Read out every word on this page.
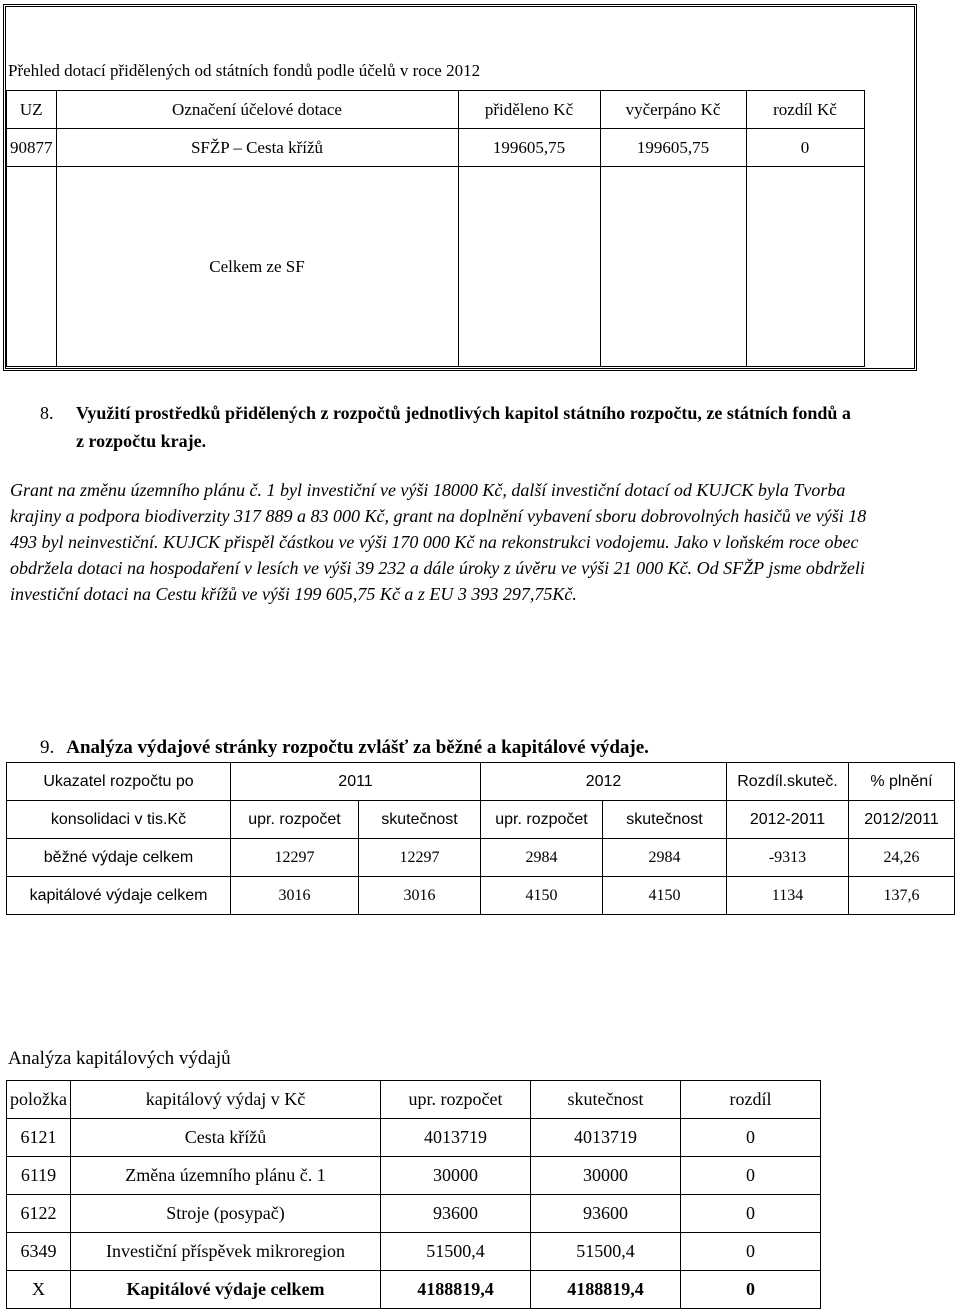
Přehled dotací přidělených od státních fondů podle účelů v roce 2012
UZ	Označení účelové dotace	přiděleno Kč	vyčerpáno Kč	rozdíl Kč
90877	SFŽP – Cesta křížů	199605,75	199605,75	0
	Celkem ze SF			
8. Využití prostředků přidělených z rozpočtů jednotlivých kapitol státního rozpočtu, ze státních fondů a z rozpočtu kraje.
Grant na změnu územního plánu č. 1 byl investiční ve výši 18000 Kč, další investiční dotací od KUJCK byla Tvorba krajiny a podpora biodiverzity 317 889 a 83 000 Kč, grant na doplnění vybavení sboru dobrovolných hasičů ve výši 18 493 byl neinvestiční. KUJCK přispěl částkou ve výši 170 000 Kč na rekonstrukci vodojemu. Jako v loňském roce obec obdržela dotaci na hospodaření v lesích ve výši 39 232 a dále úroky z úvěru ve výši 21 000 Kč. Od SFŽP jsme obdrželi investiční dotaci na Cestu křížů ve výši 199 605,75 Kč a z EU 3 393 297,75Kč.
9. Analýza výdajové stránky rozpočtu zvlášť za běžné a kapitálové výdaje.
Ukazatel rozpočtu po	2011		2012		Rozdíl.skuteč.	% plnění
konsolidaci v tis.Kč	upr. rozpočet	skutečnost	upr. rozpočet	skutečnost	2012-2011	2012/2011
běžné výdaje celkem	12297	12297	2984	2984	-9313	24,26
kapitálové výdaje celkem	3016	3016	4150	4150	1134	137,6
Analýza kapitálových výdajů
položka	kapitálový výdaj v Kč	upr. rozpočet	skutečnost	rozdíl
6121	Cesta křížů	4013719	4013719	0
6119	Změna územního plánu č. 1	30000	30000	0
6122	Stroje (posypač)	93600	93600	0
6349	Investiční příspěvek mikroregion	51500,4	51500,4	0
X	Kapitálové výdaje celkem	4188819,4	4188819,4	0
